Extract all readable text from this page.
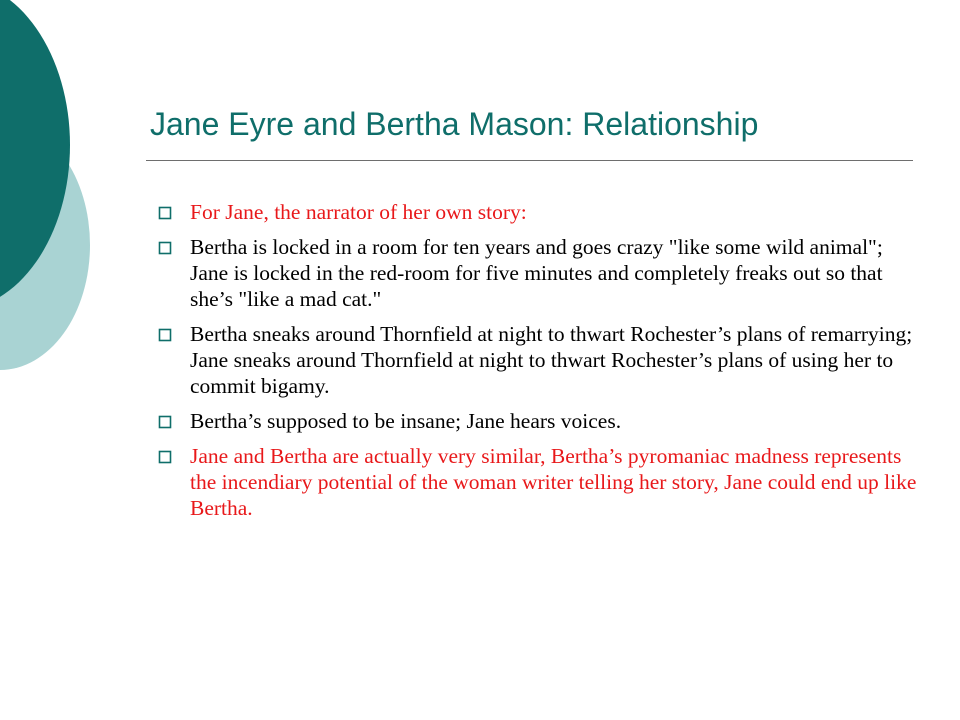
Jane Eyre and Bertha Mason: Relationship
For Jane, the narrator of her own story:
Bertha is locked in a room for ten years and goes crazy "like some wild animal"; Jane is locked in the red-room for five minutes and completely freaks out so that she’s "like a mad cat."
Bertha sneaks around Thornfield at night to thwart Rochester’s plans of remarrying; Jane sneaks around Thornfield at night to thwart Rochester’s plans of using her to commit bigamy.
Bertha’s supposed to be insane; Jane hears voices.
Jane and Bertha are actually very similar, Bertha’s pyromaniac madness represents the incendiary potential of the woman writer telling her story, Jane could end up like Bertha.
